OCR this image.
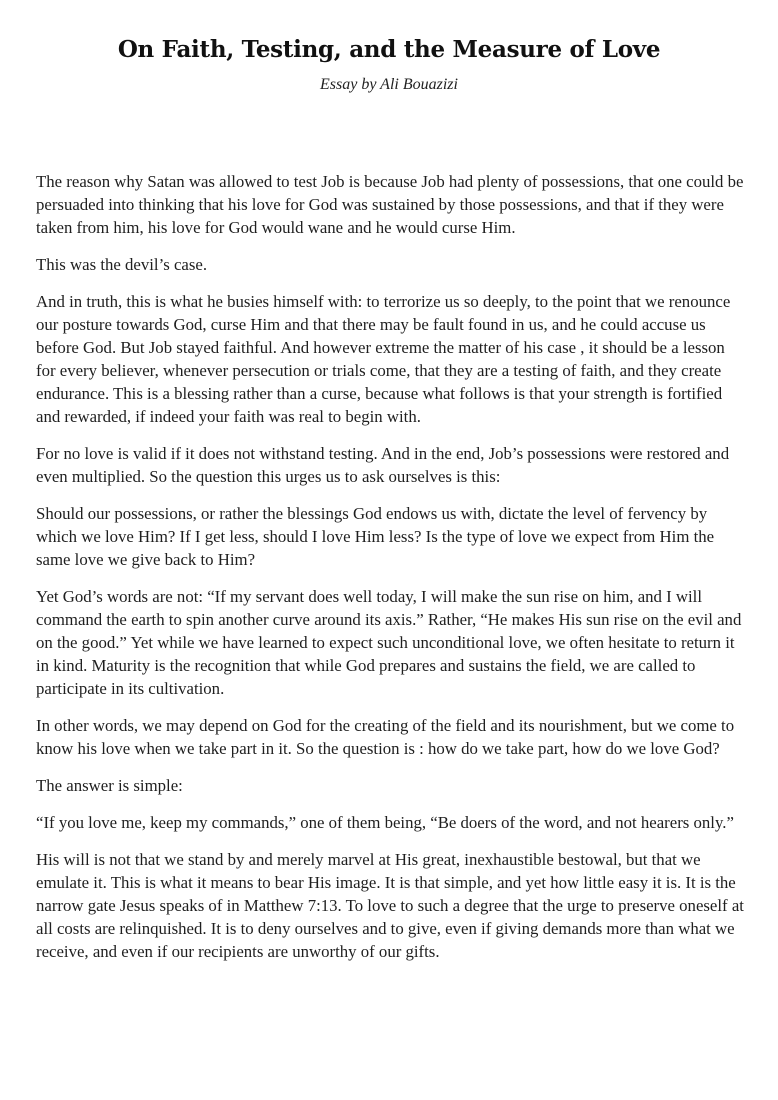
On Faith, Testing, and the Measure of Love
Essay by Ali Bouazizi

The reason why Satan was allowed to test Job is because Job had plenty of possessions, that one could be persuaded into thinking that his love for God was sustained by those possessions, and that if they were taken from him, his love for God would wane and he would curse Him.

This was the devil’s case.

And in truth, this is what he busies himself with: to terrorize us so deeply, to the point that we renounce our posture towards God, curse Him and that there may be fault found in us, and he could accuse us before God. But Job stayed faithful. And however extreme the matter of his case , it should be a lesson for every believer, whenever persecution or trials come, that they are a testing of faith, and they create endurance. This is a blessing rather than a curse, because what follows is that your strength is fortified and rewarded, if indeed your faith was real to begin with.

For no love is valid if it does not withstand testing. And in the end, Job’s possessions were restored and even multiplied. So the question this urges us to ask ourselves is this:

Should our possessions, or rather the blessings God endows us with, dictate the level of fervency by which we love Him? If I get less, should I love Him less? Is the type of love we expect from Him the same love we give back to Him?

Yet God’s words are not: “If my servant does well today, I will make the sun rise on him, and I will command the earth to spin another curve around its axis.” Rather, “He makes His sun rise on the evil and on the good.” Yet while we have learned to expect such unconditional love, we often hesitate to return it in kind. Maturity is the recognition that while God prepares and sustains the field, we are called to participate in its cultivation.

In other words, we may depend on God for the creating of the field and its nourishment, but we come to know his love when we take part in it. So the question is : how do we take part, how do we love God?

The answer is simple:

“If you love me, keep my commands,” one of them being, “Be doers of the word, and not hearers only.”

His will is not that we stand by and merely marvel at His great, inexhaustible bestowal, but that we emulate it. This is what it means to bear His image. It is that simple, and yet how little easy it is. It is the narrow gate Jesus speaks of in Matthew 7:13. To love to such a degree that the urge to preserve oneself at all costs are relinquished. It is to deny ourselves and to give, even if giving demands more than what we receive, and even if our recipients are unworthy of our gifts.
